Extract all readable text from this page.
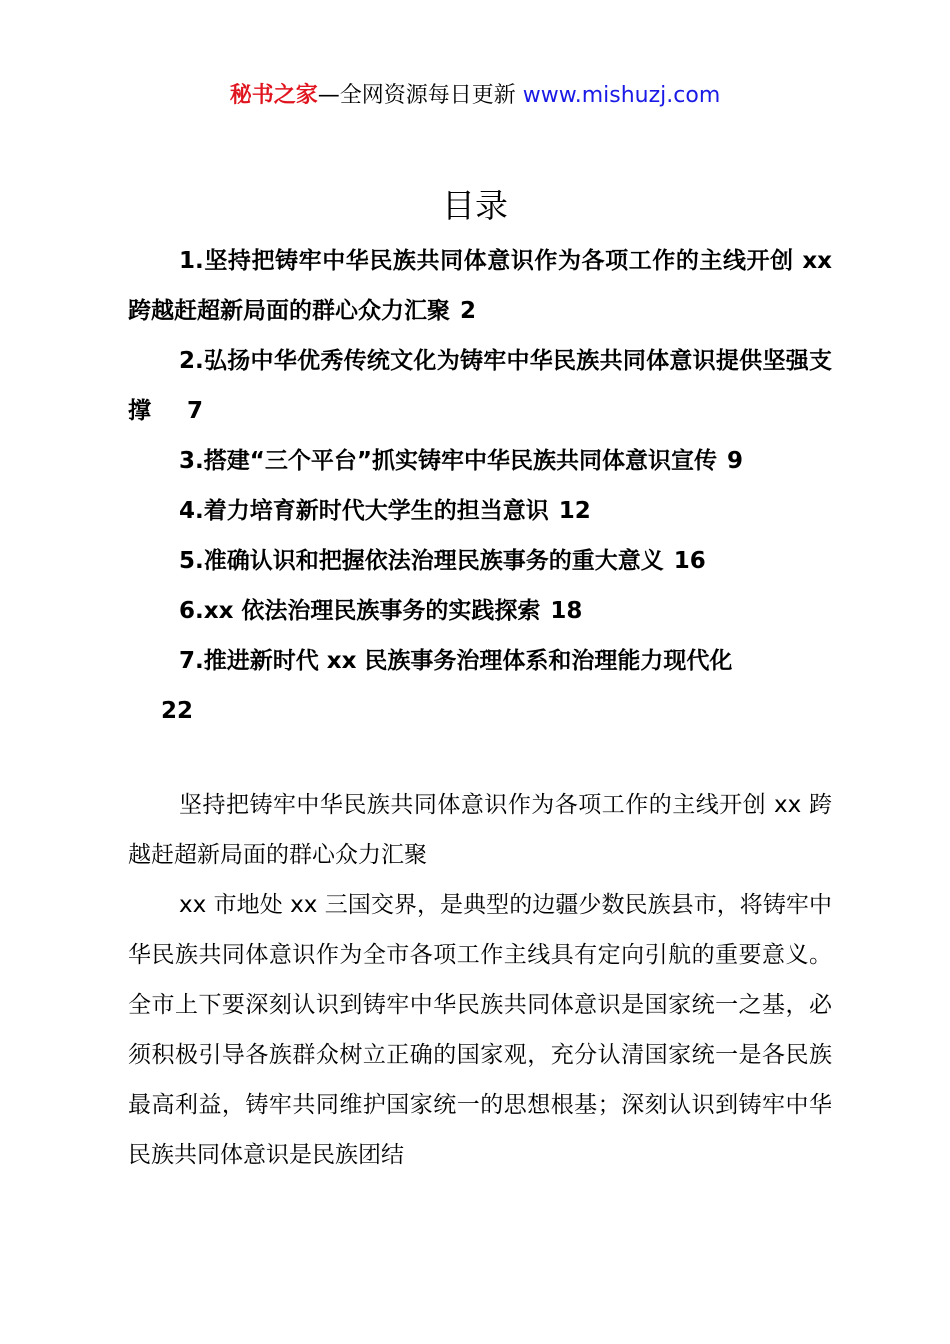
秘书之家—全网资源每日更新 www.mishuzj.com
目录
1.坚持把铸牢中华民族共同体意识作为各项工作的主线开创 xx 跨越赶超新局面的群心众力汇聚 2
2.弘扬中华优秀传统文化为铸牢中华民族共同体意识提供坚强支撑 7
3.搭建“三个平台”抓实铸牢中华民族共同体意识宣传 9
4.着力培育新时代大学生的担当意识 12
5.准确认识和把握依法治理民族事务的重大意义 16
6.xx 依法治理民族事务的实践探索 18
7.推进新时代 xx 民族事务治理体系和治理能力现代化
22

坚持把铸牢中华民族共同体意识作为各项工作的主线开创 xx 跨越赶超新局面的群心众力汇聚

xx 市地处 xx 三国交界，是典型的边疆少数民族县市，将铸牢中华民族共同体意识作为全市各项工作主线具有定向引航的重要意义。全市上下要深刻认识到铸牢中华民族共同体意识是国家统一之基，必须积极引导各族群众树立正确的国家观，充分认清国家统一是各民族最高利益，铸牢共同维护国家统一的思想根基；深刻认识到铸牢中华民族共同体意识是民族团结
